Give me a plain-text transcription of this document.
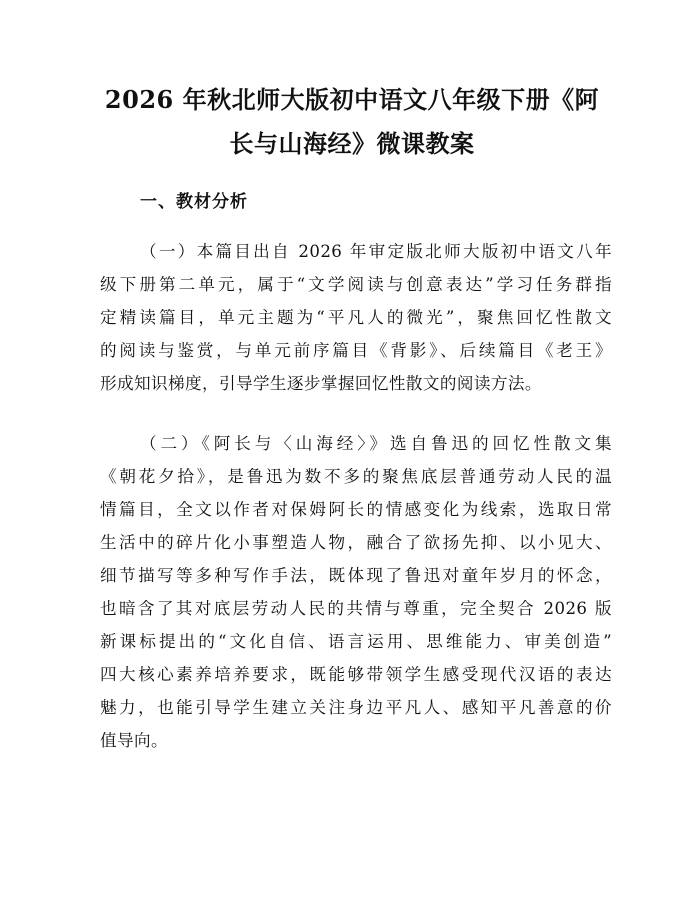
2026 年秋北师大版初中语文八年级下册《阿
长与山海经》微课教案
一、教材分析
（一）本篇目出自 2026 年审定版北师大版初中语文八年
级下册第二单元，属于“文学阅读与创意表达”学习任务群指
定精读篇目，单元主题为“平凡人的微光”，聚焦回忆性散文
的阅读与鉴赏，与单元前序篇目《背影》、后续篇目《老王》
形成知识梯度，引导学生逐步掌握回忆性散文的阅读方法。
（二）《阿长与〈山海经〉》选自鲁迅的回忆性散文集
《朝花夕拾》，是鲁迅为数不多的聚焦底层普通劳动人民的温
情篇目，全文以作者对保姆阿长的情感变化为线索，选取日常
生活中的碎片化小事塑造人物，融合了欲扬先抑、以小见大、
细节描写等多种写作手法，既体现了鲁迅对童年岁月的怀念，
也暗含了其对底层劳动人民的共情与尊重，完全契合 2026 版
新课标提出的“文化自信、语言运用、思维能力、审美创造”
四大核心素养培养要求，既能够带领学生感受现代汉语的表达
魅力，也能引导学生建立关注身边平凡人、感知平凡善意的价
值导向。
